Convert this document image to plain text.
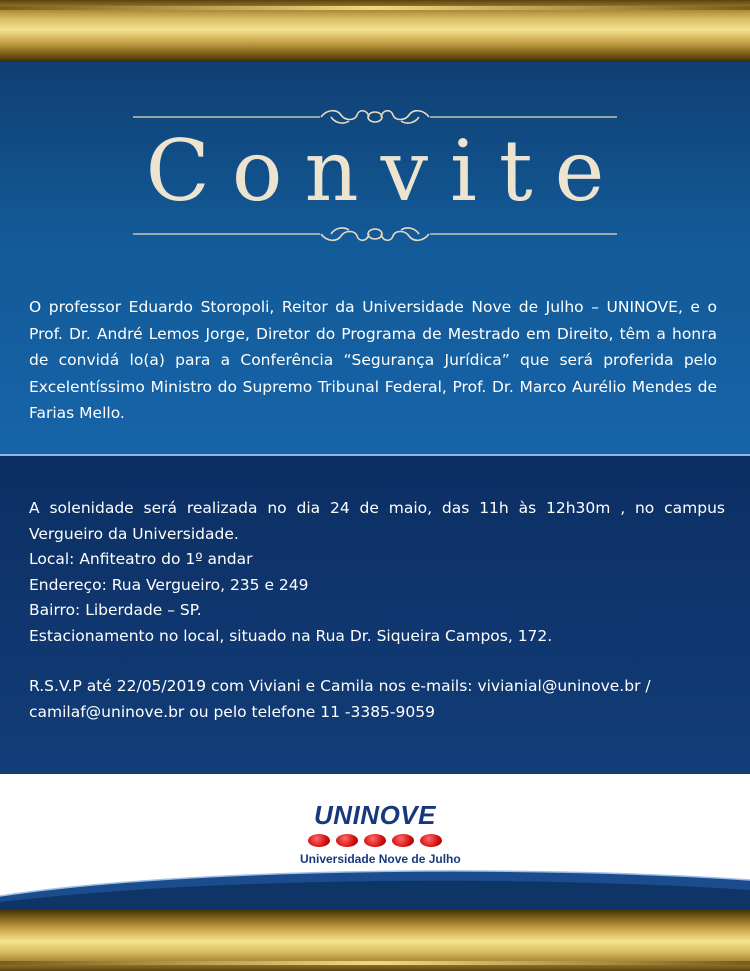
Convite

O professor Eduardo Storopoli, Reitor da Universidade Nove de Julho – UNINOVE, e o Prof. Dr. André Lemos Jorge, Diretor do Programa de Mestrado em Direito, têm a honra de convidá lo(a) para a Conferência “Segurança Jurídica” que será proferida pelo Excelentíssimo Ministro do Supremo Tribunal Federal, Prof. Dr. Marco Aurélio Mendes de Farias Mello.

A solenidade será realizada no dia 24 de maio, das 11h às 12h30m , no campus Vergueiro da Universidade.

Local: Anfiteatro do 1º andar

Endereço: Rua Vergueiro, 235 e 249

Bairro: Liberdade – SP.

Estacionamento no local, situado na Rua Dr. Siqueira Campos, 172.

R.S.V.P até 22/05/2019 com Viviani e Camila nos e-mails: vivianial@uninove.br / camilaf@uninove.br ou pelo telefone 11 -3385-9059

UNINOVE
Universidade Nove de Julho
